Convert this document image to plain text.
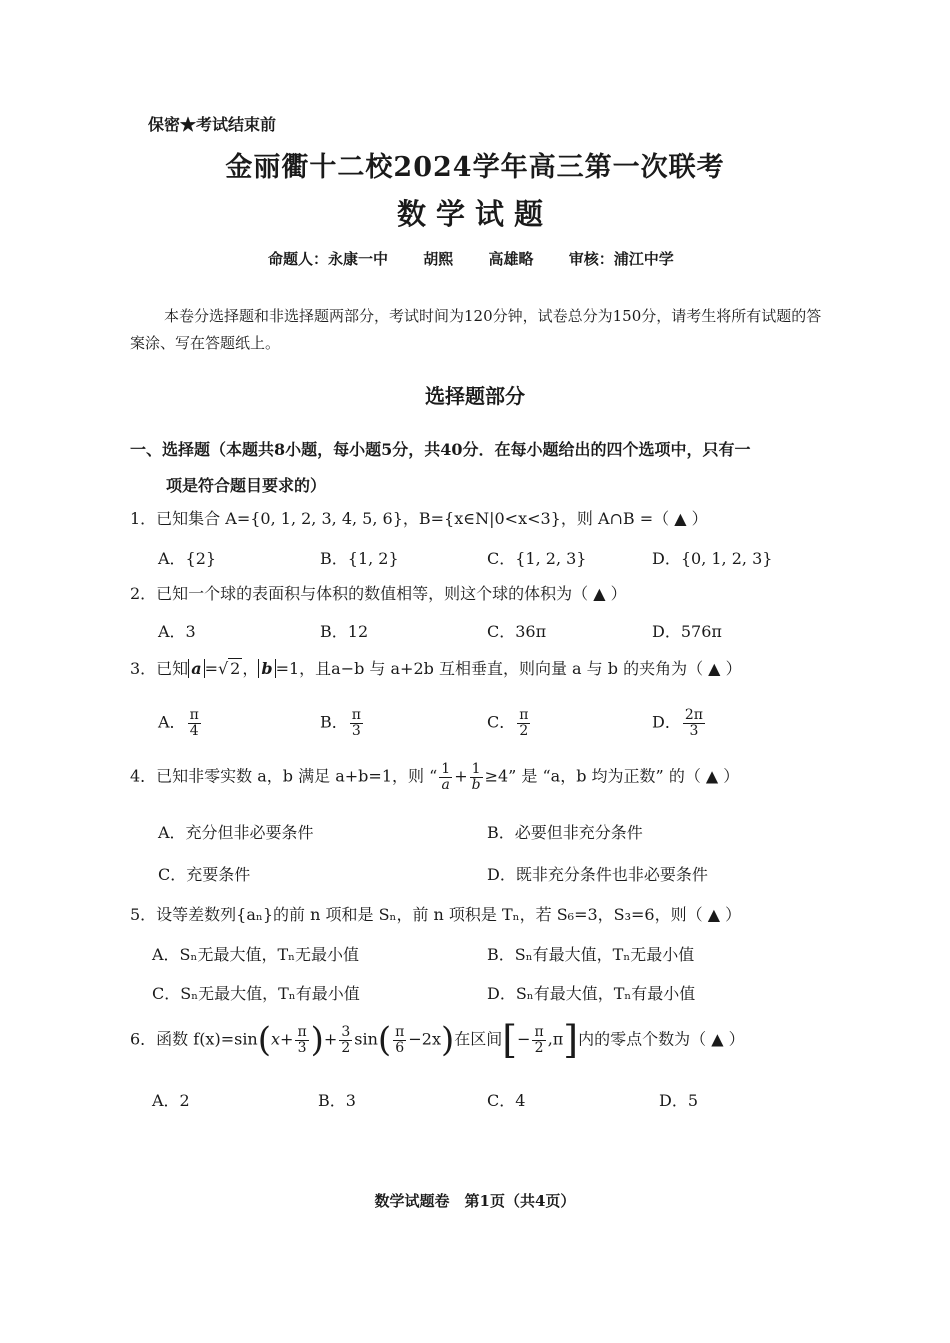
保密★考试结束前
金丽衢十二校2024学年高三第一次联考
数学试题
命题人：永康一中 胡熙 高雄略 审核：浦江中学
本卷分选择题和非选择题两部分，考试时间为120分钟，试卷总分为150分，请考生将所有试题的答案涂、写在答题纸上。
选择题部分
一、选择题（本题共8小题，每小题5分，共40分．在每小题给出的四个选项中，只有一
项是符合题目要求的）
1．已知集合 A={0, 1, 2, 3, 4, 5, 6}，B={x∈N|0<x<3}，则 A∩B =（ ▲ ）
A．{2}	B．{1, 2}	C．{1, 2, 3}	D．{0, 1, 2, 3}
2．已知一个球的表面积与体积的数值相等，则这个球的体积为（ ▲ ）
A．3	B．12	C．36π	D．576π
3．已知 a =√ 2 ， b =1，且a−b 与 a+2b 互相垂直，则向量 a 与 b 的夹角为（ ▲ ）
A． $\frac{\pi}{4}$	B． $\frac{\pi}{3}$	C． $\frac{\pi}{2}$	D． $\frac{2\pi}{3}$
4．已知非零实数 a，b 满足 a+b=1，则 “ $\frac{1}{a} + \frac{1}{b} \ge 4$” 是 “a，b 均为正数” 的（ ▲ ）
A．充分但非必要条件	B．必要但非充分条件
C．充要条件	D．既非充分条件也非必要条件
5．设等差数列{aₙ}的前 n 项和是 Sₙ，前 n 项积是 Tₙ，若 S₆=3，S₃=6，则（ ▲ ）
A．Sₙ无最大值，Tₙ无最小值	B．Sₙ有最大值，Tₙ无最小值
C．Sₙ无最大值，Tₙ有最小值	D．Sₙ有最大值，Tₙ有最小值
6．函数 $f(x)=\sin(x+ \frac{\pi}{3}$ )+ $\frac{3}{2} \sin( \frac{\pi}{6} -2x)$在区间[− $\frac{\pi}{2} ,\pi$]内的零点个数为（ ▲ ）
A．2	B．3	C．4	D．5
数学试题卷　第1页（共4页）
